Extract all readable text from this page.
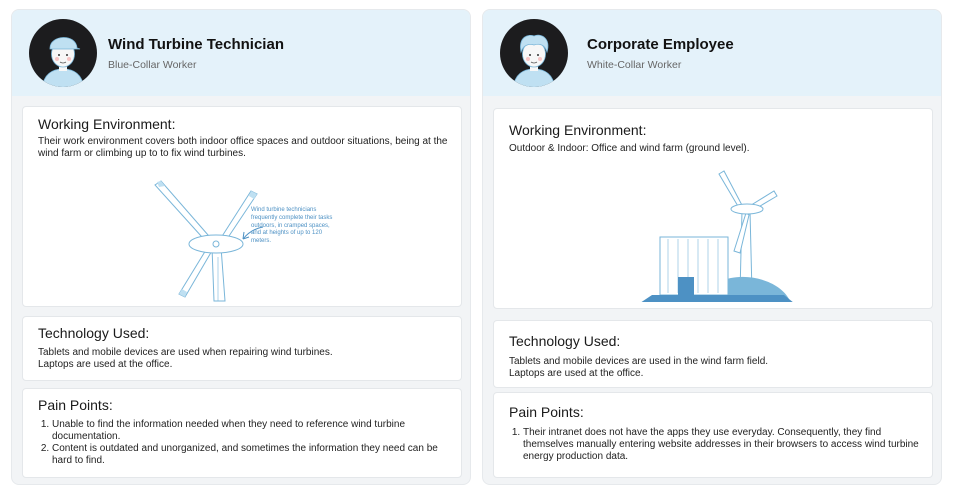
Wind Turbine Technician
Blue-Collar Worker
Working Environment:

Their work environment covers both indoor office spaces and outdoor situations, being at the wind farm or climbing up to to fix wind turbines.

Wind turbine technicians frequently complete their tasks outdoors, in cramped spaces, and at heights of up to 120 meters.
Technology Used:

Tablets and mobile devices are used when repairing wind turbines.

Laptops are used at the office.

Pain Points:
1. Unable to find the information needed when they need to reference wind turbine documentation.
2. Content is outdated and unorganized, and sometimes the information they need can be hard to find.
Corporate Employee
White-Collar Worker
Working Environment:

Outdoor & Indoor: Office and wind farm (ground level).

Technology Used:

Tablets and mobile devices are used in the wind farm field.

Laptops are used at the office.

Pain Points:
1. Their intranet does not have the apps they use everyday. Consequently, they find themselves manually entering website addresses in their browsers to access wind turbine energy production data.
